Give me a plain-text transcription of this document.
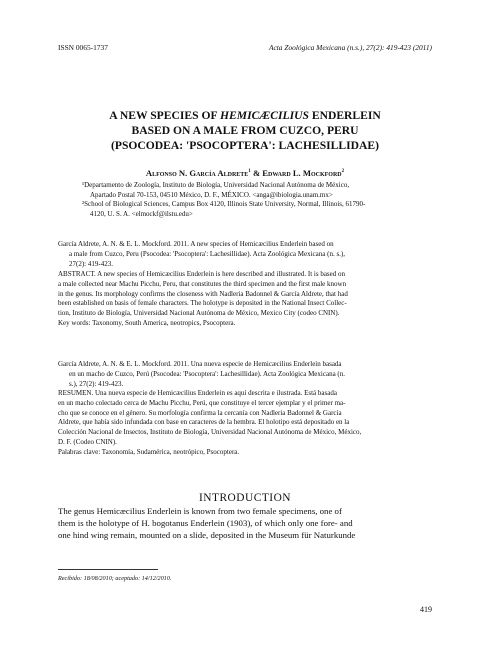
ISSN 0065-1737	Acta Zoológica Mexicana (n.s.), 27(2): 419-423 (2011)
A NEW SPECIES OF HEMICÆCILIUS ENDERLEIN
BASED ON A MALE FROM CUZCO, PERU
(PSOCODEA: 'PSOCOPTERA': LACHESILLIDAE)
Alfonso N. García Aldrete$^1$ & Edward L. Mockford$^2$
¹Departamento de Zoología, Instituto de Biología, Universidad Nacional Autónoma de México,
Apartado Postal 70-153, 04510 México, D. F., MÉXICO. <anga@ibiologia.unam.mx>
²School of Biological Sciences, Campus Box 4120, Illinois State University, Normal, Illinois, 61790-
4120, U. S. A. <elmockf@ilstu.edu>
García Aldrete, A. N. & E. L. Mockford. 2011. A new species of Hemicæcilius Enderlein based on
a male from Cuzco, Peru (Psocodea: 'Psocoptera': Lachesillidae). Acta Zoológica Mexicana (n. s.),
27(2): 419-423.
ABSTRACT. A new species of Hemicæcilius Enderlein is here described and illustrated. It is based on
a male collected near Machu Picchu, Peru, that constitutes the third specimen and the first male known
in the genus. Its morphology confirms the closeness with Nadleria Badonnel & García Aldrete, that had
been established on basis of female characters. The holotype is deposited in the National Insect Collec-
tion, Instituto de Biología, Universidad Nacional Autónoma de México, Mexico City (codeo CNIN).
Key words: Taxonomy, South America, neotropics, Psocoptera.
García Aldrete, A. N. & E. L. Mockford. 2011. Una nueva especie de Hemicæcilius Enderlein basada
en un macho de Cuzco, Perú (Psocodea: 'Psocoptera': Lachesillidae). Acta Zoológica Mexicana (n.
s.), 27(2): 419-423.
RESUMEN. Una nueva especie de Hemicæcilius Enderlein es aquí descrita e ilustrada. Está basada
en un macho colectado cerca de Machu Picchu, Perú, que constituye el tercer ejemplar y el primer ma-
cho que se conoce en el género. Su morfología confirma la cercanía con Nadleria Badonnel & García
Aldrete, que había sido infundada con base en caracteres de la hembra. El holotipo está depositado en la
Colección Nacional de Insectos, Instituto de Biología, Universidad Nacional Autónoma de México, México,
D. F. (Codeo CNIN).
Palabras clave: Taxonomía, Sudamérica, neotrópico, Psocoptera.
INTRODUCTION
The genus Hemicæcilius Enderlein is known from two female specimens, one of
them is the holotype of H. bogotanus Enderlein (1903), of which only one fore- and
one hind wing remain, mounted on a slide, deposited in the Museum für Naturkunde
Recibido: 18/08/2010; aceptado: 14/12/2010.
419
